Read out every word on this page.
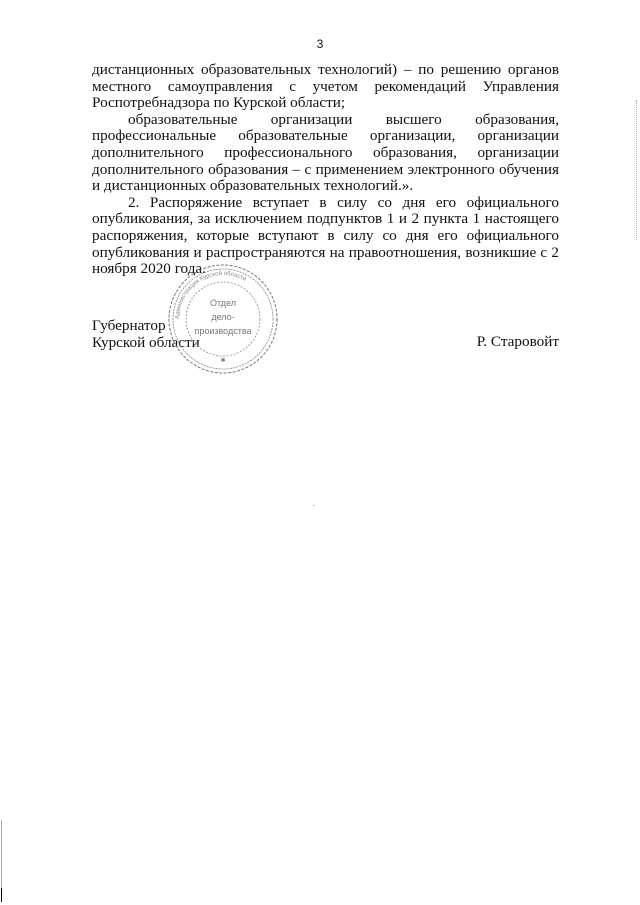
3

дистанционных образовательных технологий) – по решению органов местного самоуправления с учетом рекомендаций Управления Роспотребнадзора по Курской области;

образовательные организации высшего образования, профессиональные образовательные организации, организации дополнительного профессионального образования, организации дополнительного образования – с применением электронного обучения и дистанционных образовательных технологий.».

2. Распоряжение вступает в силу со дня его официального опубликования, за исключением подпунктов 1 и 2 пункта 1 настоящего распоряжения, которые вступают в силу со дня его официального опубликования и распространяются на правоотношения, возникшие с 2 ноября 2020 года.

Губернатор
Курской области	Р. Старовойт
Администрация Курской области
Отдел
дело-
производства
✱
